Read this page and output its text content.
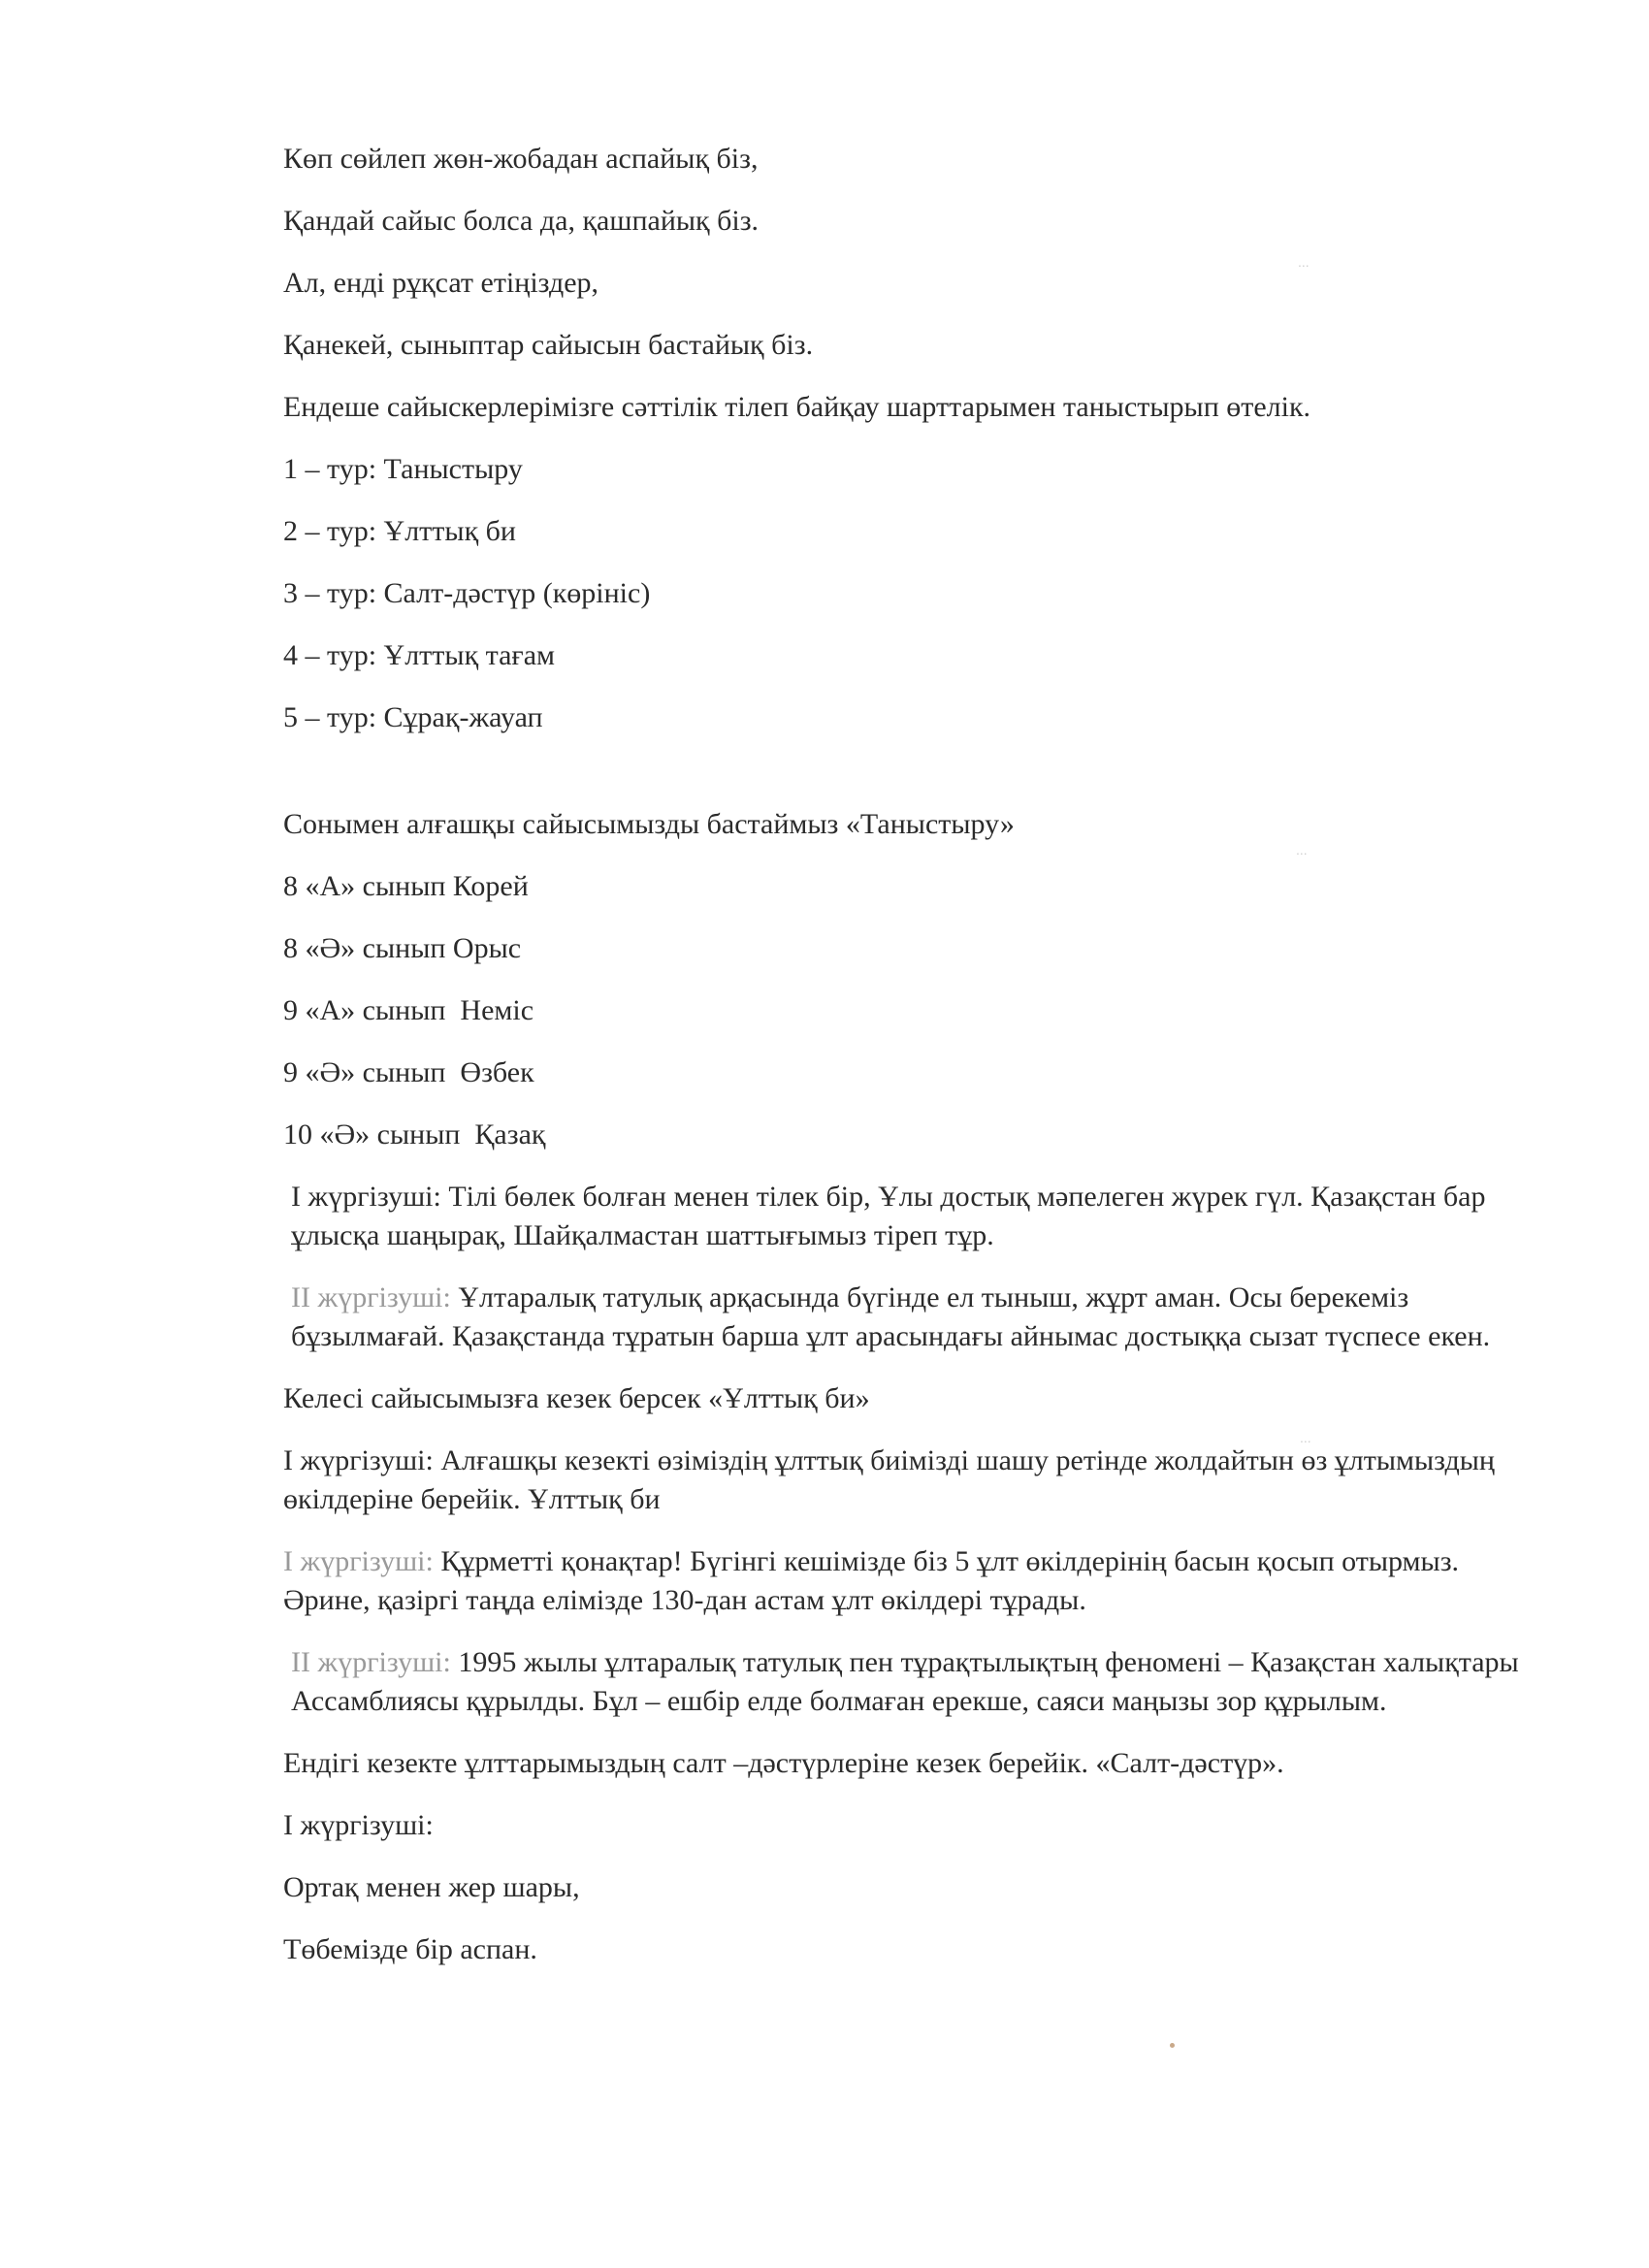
Көп сөйлеп жөн-жобадан аспайық біз,

Қандай сайыс болса да, қашпайық біз.

Ал, енді рұқсат етіңіздер,

Қанекей, сыныптар сайысын бастайық біз.

Ендеше сайыскерлерімізге сәттілік тілеп байқау шарттарымен таныстырып өтелік.

1 – тур: Таныстыру

2 – тур: Ұлттық би

3 – тур: Салт-дәстүр (көрініс)

4 – тур: Ұлттық тағам

5 – тур: Сұрақ-жауап

Сонымен алғашқы сайысымызды бастаймыз «Таныстыру»

8 «А» сынып Корей

8 «Ә» сынып Орыс

9 «А» сынып  Неміс

9 «Ә» сынып  Өзбек

10 «Ә» сынып  Қазақ

I жүргізуші: Тілі бөлек болған менен тілек бір, Ұлы достық мәпелеген жүрек гүл. Қазақстан бар ұлысқа шаңырақ, Шайқалмастан шаттығымыз тіреп тұр.

II жүргізуші: Ұлтаралық татулық арқасында бүгінде ел тыныш, жұрт аман. Осы берекеміз бұзылмағай. Қазақстанда тұратын барша ұлт арасындағы айнымас достыққа сызат түспесе екен.

Келесі сайысымызға кезек берсек «Ұлттық би»

I жүргізуші: Алғашқы кезекті өзіміздің ұлттық биімізді шашу ретінде жолдайтын өз ұлтымыздың өкілдеріне берейік. Ұлттық би

I жүргізуші: Құрметті қонақтар! Бүгінгі кешімізде біз 5 ұлт өкілдерінің басын қосып отырмыз. Әрине, қазіргі таңда елімізде 130-дан астам ұлт өкілдері тұрады.

II жүргізуші: 1995 жылы ұлтаралық татулық пен тұрақтылықтың феномені – Қазақстан халықтары Ассамблиясы құрылды. Бұл – ешбір елде болмаған ерекше, саяси маңызы зор құрылым.

Ендігі кезекте ұлттарымыздың салт –дәстүрлеріне кезек берейік. «Салт-дәстүр».

I жүргізуші:

Ортақ менен жер шары,

Төбемізде бір аспан.

...
...
...
